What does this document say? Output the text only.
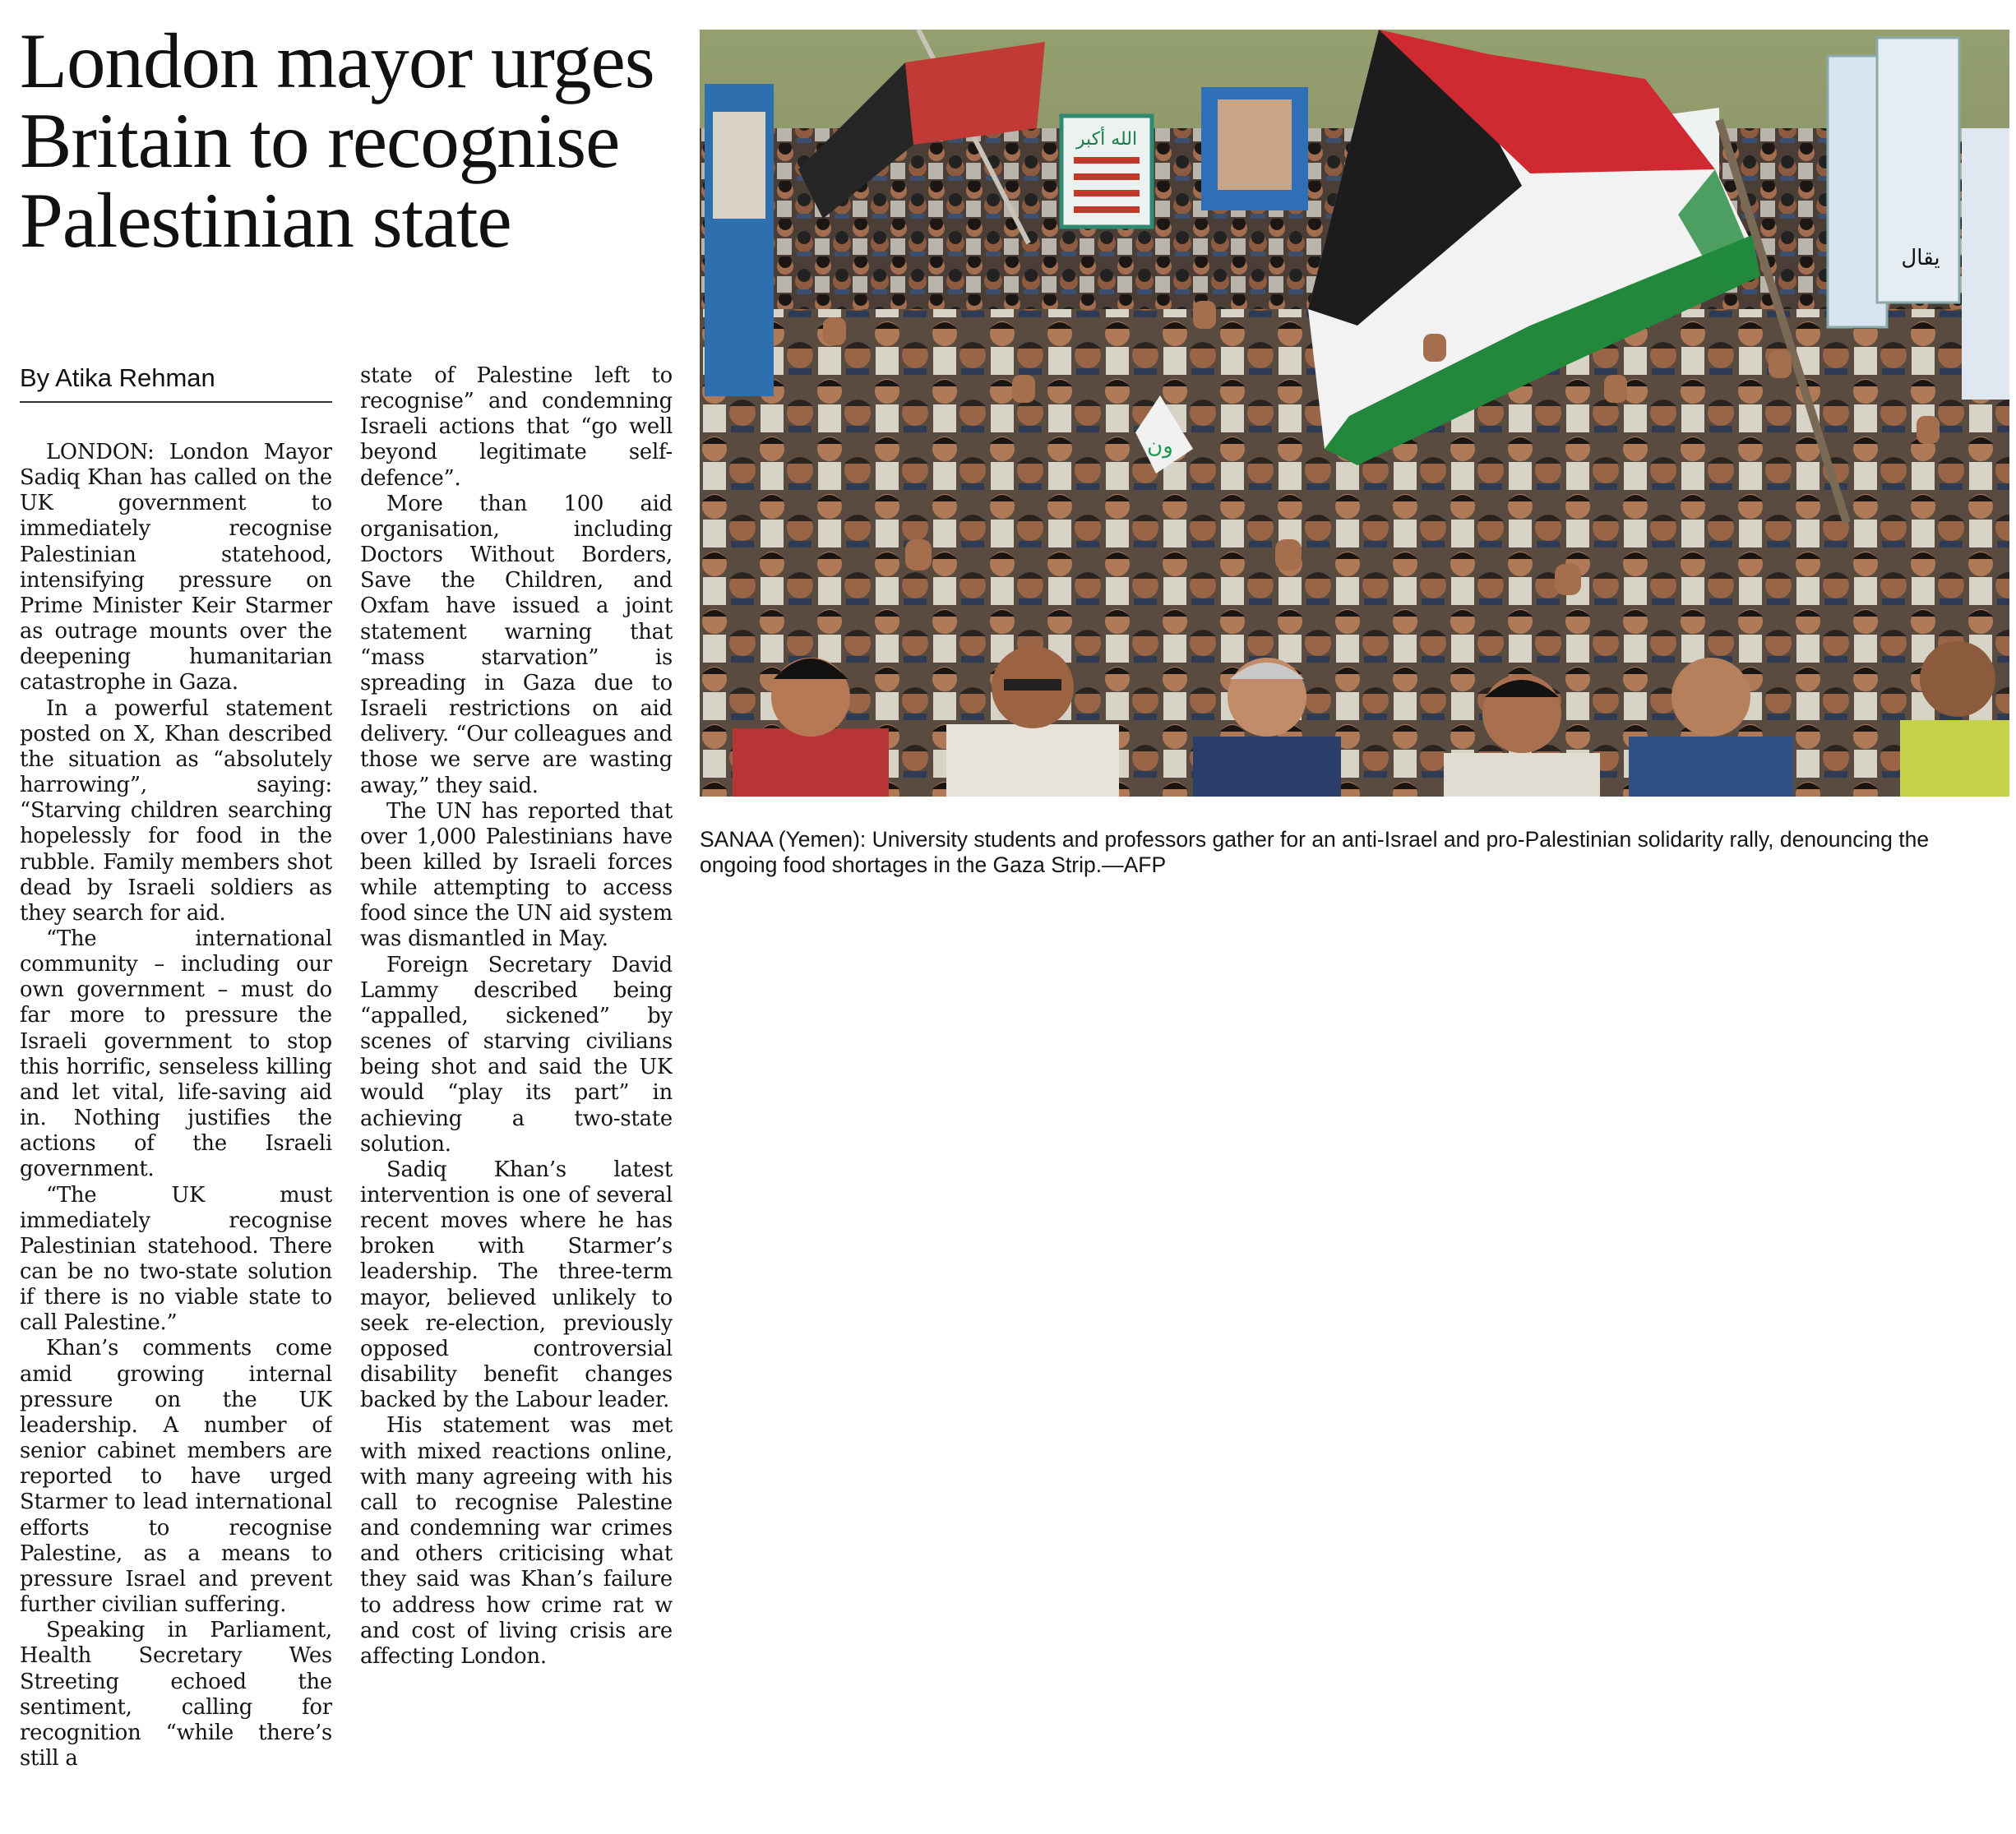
London mayor urges Britain to recognise Palestinian state
By Atika Rehman

LONDON: London Mayor Sadiq Khan has called on the UK government to immediately recognise Palestinian statehood, intensifying pressure on Prime Minister Keir Starmer as outrage mounts over the deepening humanitarian catastrophe in Gaza.

In a powerful statement posted on X, Khan described the situation as “absolutely harrowing”, saying: “Starving children searching hopelessly for food in the rubble. Family members shot dead by Israeli soldiers as they search for aid.

“The international community – including our own government – must do far more to pressure the Israeli government to stop this horrific, senseless killing and let vital, life-saving aid in. Nothing justifies the actions of the Israeli government.

“The UK must immediately recognise Palestinian statehood. There can be no two-state solution if there is no viable state to call Palestine.”

Khan’s comments come amid growing internal pressure on the UK leadership. A number of senior cabinet members are reported to have urged Starmer to lead international efforts to recognise Palestine, as a means to pressure Israel and prevent further civilian suffering.

Speaking in Parliament, Health Secretary Wes Streeting echoed the sentiment, calling for recognition “while there’s still a

state of Palestine left to recognise” and condemning Israeli actions that “go well beyond legitimate self-defence”.

More than 100 aid organisation, including Doctors Without Borders, Save the Children, and Oxfam have issued a joint statement warning that “mass starvation” is spreading in Gaza due to Israeli restrictions on aid delivery. “Our colleagues and those we serve are wasting away,” they said.

The UN has reported that over 1,000 Palestinians have been killed by Israeli forces while attempting to access food since the UN aid system was dismantled in May.

Foreign Secretary David Lammy described being “appalled, sickened” by scenes of starving civilians being shot and said the UK would “play its part” in achieving a two-state solution.

Sadiq Khan’s latest intervention is one of several recent moves where he has broken with Starmer’s leadership. The three-term mayor, believed unlikely to seek re-election, previously opposed controversial disability benefit changes backed by the Labour leader.

His statement was met with mixed reactions online, with many agreeing with his call to recognise Palestine and condemning war crimes and others criticising what they said was Khan’s failure to address how crime rat w and cost of living crisis are affecting London.

الله أكبر
يقال
ون
SANAA (Yemen): University students and professors gather for an anti-Israel and pro-Palestinian solidarity rally, denouncing the ongoing food shortages in the Gaza Strip.—AFP
